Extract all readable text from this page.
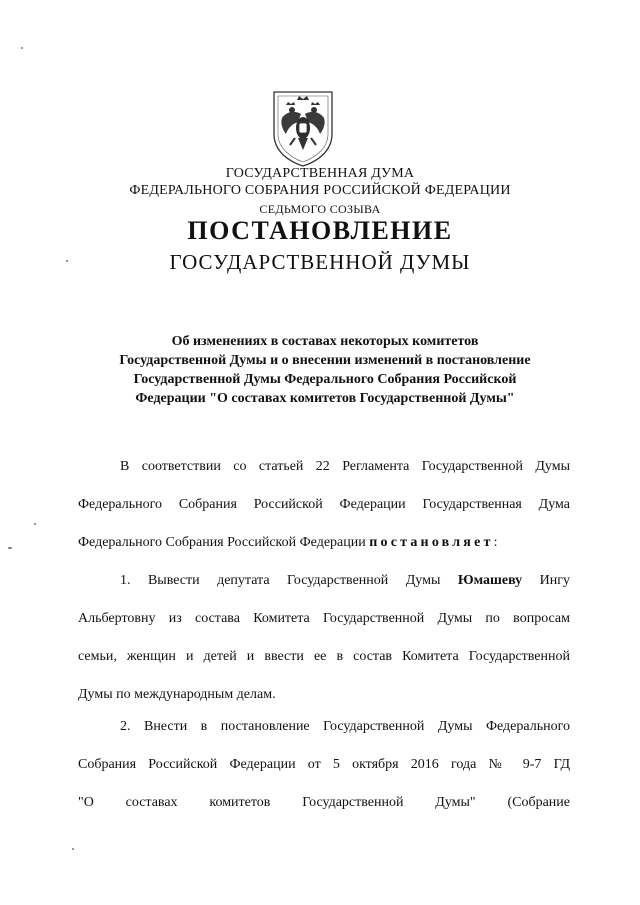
ГОСУДАРСТВЕННАЯ ДУМА
ФЕДЕРАЛЬНОГО СОБРАНИЯ РОССИЙСКОЙ ФЕДЕРАЦИИ
СЕДЬМОГО СОЗЫВА
ПОСТАНОВЛЕНИЕ
ГОСУДАРСТВЕННОЙ ДУМЫ
Об изменениях в составах некоторых комитетов
Государственной Думы и о внесении изменений в постановление
Государственной Думы Федерального Собрания Российской
Федерации "О составах комитетов Государственной Думы"
В соответствии со статьей 22 Регламента Государственной Думы
Федерального Собрания Российской Федерации Государственная Дума
Федерального Собрания Российской Федерации постановляет:
1. Вывести депутата Государственной Думы Юмашеву Ингу
Альбертовну из состава Комитета Государственной Думы по вопросам
семьи, женщин и детей и ввести ее в состав Комитета Государственной
Думы по международным делам.
2. Внести в постановление Государственной Думы Федерального
Собрания Российской Федерации от 5 октября 2016 года № 9-7 ГД
"О составах комитетов Государственной Думы" (Собрание
